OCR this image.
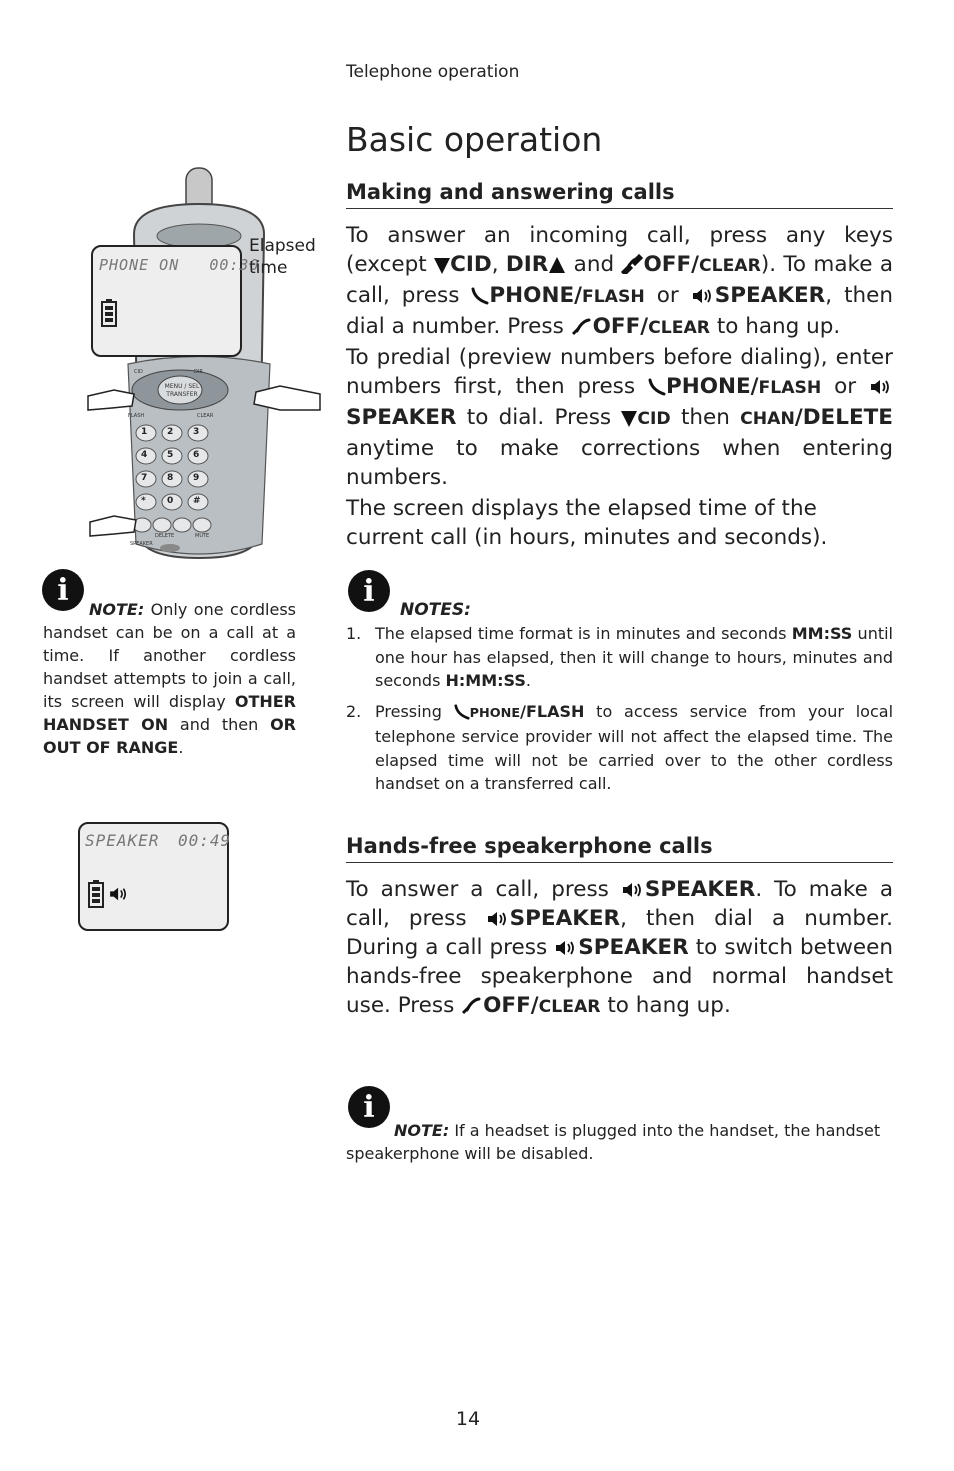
Telephone operation
Basic operation
Making and answering calls

To answer an incoming call, press any keys (except CID, DIR and OFF/CLEAR). To make a call, press PHONE/FLASH or SPEAKER, then dial a number. Press OFF/CLEAR to hang up.

To predial (preview numbers before dialing), enter numbers first, then press PHONE/FLASH or SPEAKER to dial. Press CID then CHAN/DELETE anytime to make corrections when entering numbers.

The screen displays the elapsed time of the current call (in hours, minutes and seconds).

i
NOTES:
1. The elapsed time format is in minutes and seconds MM:SS until one hour has elapsed, then it will change to hours, minutes and seconds H:MM:SS.
2. Pressing PHONE/FLASH to access service from your local telephone service provider will not affect the elapsed time. The elapsed time will not be carried over to the other cordless handset on a transferred call.
Hands-free speakerphone calls

To answer a call, press SPEAKER. To make a call, press SPEAKER, then dial a number. During a call press SPEAKER to switch between hands-free speakerphone and normal handset use. Press OFF/CLEAR to hang up.

i

NOTE: If a headset is plugged into the handset, the handset speakerphone will be disabled.

i

NOTE: Only one cordless handset can be on a call at a time. If another cordless handset attempts to join a call, its screen will display OTHER HANDSET ON and then OR OUT OF RANGE.

MENU / SEL
TRANSFER
CID	DIR
FLASH	CLEAR
SPEAKER
DELETE	MUTE
1 2 3
4 5 6
7 8 9
* 0 #
PHONE ON   00:30
Elapsed
time
SPEAKER 00:49
14
